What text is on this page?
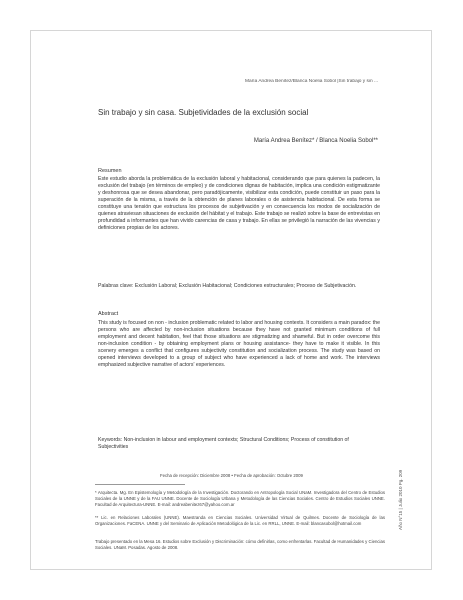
María Andrea Benítez/Blanca Noelia Sobol |Sin trabajo y sin ...
Sin trabajo y sin casa. Subjetividades de la exclusión social
María Andrea Benítez* / Blanca Noelia Sobol**
Resumen
Este estudio aborda la problemática de la exclusión laboral y habitacional, considerando que para quienes la padecen, la exclusión del trabajo (en términos de empleo) y de condiciones dignas de habitación, implica una condición estigmatizante y deshonrosa que se desea abandonar, pero paradójicamente, visibilizar esta condición, puede constituir un paso para la superación de la misma, a través de la obtención de planes laborales o de asistencia habitacional. De esta forma se constituye una tensión que estructura los procesos de subjetivación y en consecuencia los modos de socialización de quienes atraviesan situaciones de exclusión del hábitat y el trabajo. Este trabajo se realizó sobre la base de entrevistas en profundidad a informantes que han vivido carencias de casa y trabajo. En ellas se privilegió la narración de las vivencias y definiciones propias de los actores.
Palabras clave: Exclusión Laboral; Exclusión Habitacional; Condiciones estructurales; Proceso de Subjetivación.
Abstract
This study is focused on non - inclusion problematic related to labor and housing contexts. It considers a main paradox: the persons who are affected by non-inclusion situations because they have not granted minimum conditions of full employment and decent habitation, feel that those situations are stigmatizing and shameful. But in order overcome this non-inclusion condition - by obtaining employment plans or housing assistance- they have to make it visible. In this scenery emerges a conflict that configures subjectivity constitution and socialization process. The study was based on opened interviews developed to a group of subject who have experienced a lack of home and work. The interviews emphasized subjective narrative of actors' experiences.
Keywords: Non-inclusion in labour and employment contexts; Structural Conditions; Process of constitution of Subjectivities
Fecha de recepción: Diciembre 2008 • Fecha de aprobación: Octubre 2009
* Arquitecta. Mg. En Epistemología y Metodología de la Investigación. Doctorando en Antropología Social UNaM. Investigadora del Centro de Estudios Sociales de la UNNE y de la FAU UNNE. Docente de Sociología Urbana y Metodología de las Ciencias Sociales. Centro de Estudios Sociales UNNE. Facultad de Arquitectura-UNNE. E-mail: andreabenitez67@yahoo.com.ar
** Lic. en Relaciones Laborales (UNNE). Maestranda en Ciencias Sociales. Universidad Virtual de Quilmes. Docente de Sociología de las Organizaciones. FaCENA. UNNE y del Seminario de Aplicación Metodológica de la Lic. en RRLL, UNNE. E-mail: blancasobol@hotmail.com
Trabajo presentado en la Mesa 16. Estudios sobre Exclusión y Discriminación: cómo definirlas, como enfrentarlas. Facultad de Humanidades y Ciencias Sociales. UNaM. Posadas. Agosto de 2008.
Año N°15 | Julio 2010 Pg. 209
